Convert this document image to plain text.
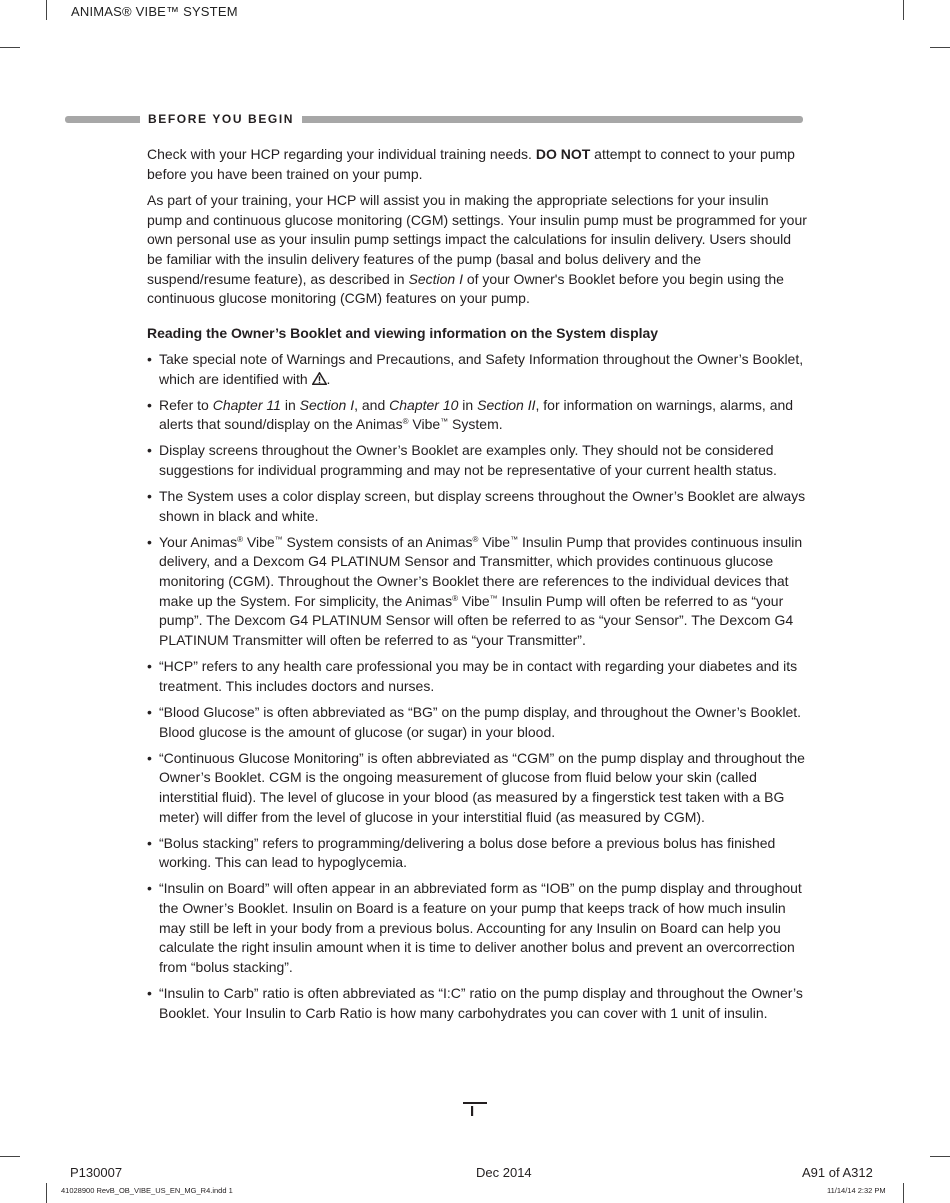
ANIMAS® VIBE™ SYSTEM
BEFORE YOU BEGIN

Check with your HCP regarding your individual training needs. DO NOT attempt to connect to your pump before you have been trained on your pump.

As part of your training, your HCP will assist you in making the appropriate selections for your insulin pump and continuous glucose monitoring (CGM) settings. Your insulin pump must be programmed for your own personal use as your insulin pump settings impact the calculations for insulin delivery. Users should be familiar with the insulin delivery features of the pump (basal and bolus delivery and the suspend/resume feature), as described in Section I of your Owner's Booklet before you begin using the continuous glucose monitoring (CGM) features on your pump.

Reading the Owner’s Booklet and viewing information on the System display
• Take special note of Warnings and Precautions, and Safety Information throughout the Owner’s Booklet, which are identified with .
• Refer to Chapter 11 in Section I, and Chapter 10 in Section II, for information on warnings, alarms, and alerts that sound/display on the Animas® Vibe™ System.
• Display screens throughout the Owner’s Booklet are examples only. They should not be considered suggestions for individual programming and may not be representative of your current health status.
• The System uses a color display screen, but display screens throughout the Owner’s Booklet are always shown in black and white.
• Your Animas® Vibe™ System consists of an Animas® Vibe™ Insulin Pump that provides continuous insulin delivery, and a Dexcom G4 PLATINUM Sensor and Transmitter, which provides continuous glucose monitoring (CGM). Throughout the Owner’s Booklet there are references to the individual devices that make up the System. For simplicity, the Animas® Vibe™ Insulin Pump will often be referred to as “your pump”. The Dexcom G4 PLATINUM Sensor will often be referred to as “your Sensor”. The Dexcom G4 PLATINUM Transmitter will often be referred to as “your Transmitter”.
• “HCP” refers to any health care professional you may be in contact with regarding your diabetes and its treatment. This includes doctors and nurses.
• “Blood Glucose” is often abbreviated as “BG” on the pump display, and throughout the Owner’s Booklet. Blood glucose is the amount of glucose (or sugar) in your blood.
• “Continuous Glucose Monitoring” is often abbreviated as “CGM” on the pump display and throughout the Owner’s Booklet. CGM is the ongoing measurement of glucose from fluid below your skin (called interstitial fluid). The level of glucose in your blood (as measured by a fingerstick test taken with a BG meter) will differ from the level of glucose in your interstitial fluid (as measured by CGM).
• “Bolus stacking” refers to programming/delivering a bolus dose before a previous bolus has finished working. This can lead to hypoglycemia.
• “Insulin on Board” will often appear in an abbreviated form as “IOB” on the pump display and throughout the Owner’s Booklet. Insulin on Board is a feature on your pump that keeps track of how much insulin may still be left in your body from a previous bolus. Accounting for any Insulin on Board can help you calculate the right insulin amount when it is time to deliver another bolus and prevent an overcorrection from “bolus stacking”.
• “Insulin to Carb” ratio is often abbreviated as “I:C” ratio on the pump display and throughout the Owner’s Booklet. Your Insulin to Carb Ratio is how many carbohydrates you can cover with 1 unit of insulin.
I
P130007	Dec 2014	A91 of A312
41028900 RevB_OB_VIBE_US_EN_MG_R4.indd 1	11/14/14 2:32 PM
